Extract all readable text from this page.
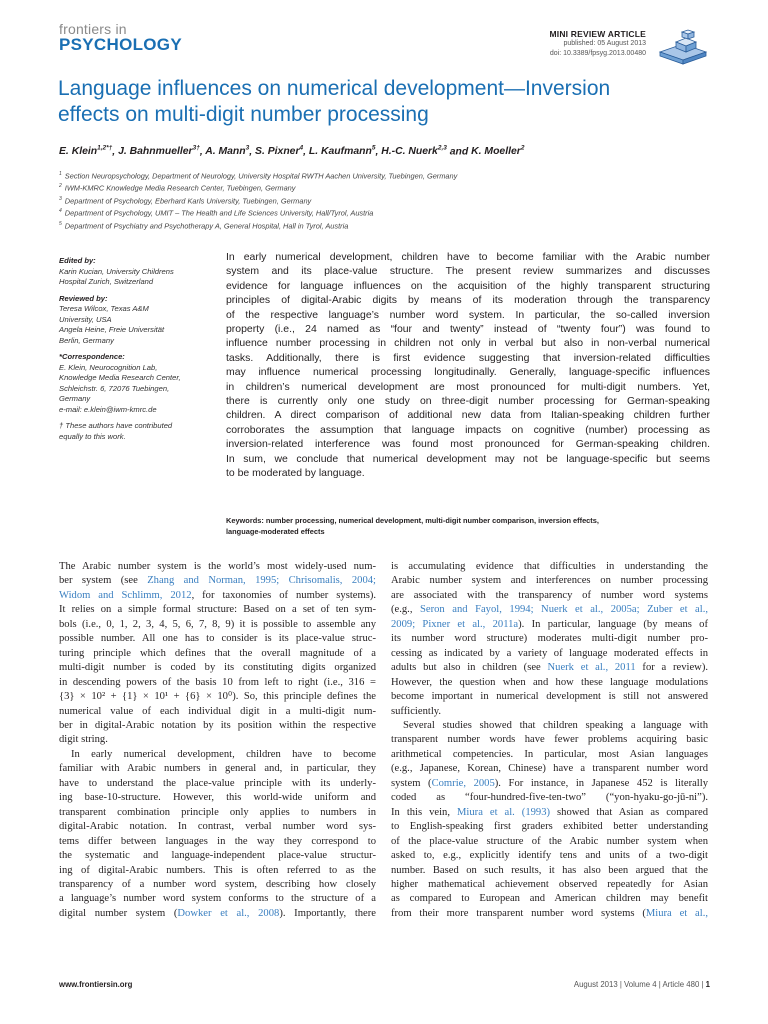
frontiers in
PSYCHOLOGY
MINI REVIEW ARTICLE
published: 05 August 2013
doi: 10.3389/fpsyg.2013.00480
Language influences on numerical development—Inversion
effects on multi-digit number processing
E. Klein$^{1,2*\dagger}$, J. Bahnmueller$^{3\dagger}$, A. Mann$^3$, S. Pixner$^4$, L. Kaufmann$^5$, H.-C. Nuerk$^{2,3}$ and K. Moeller$^2$
$^1$ Section Neuropsychology, Department of Neurology, University Hospital RWTH Aachen University, Tuebingen, Germany
$^2$ IWM-KMRC Knowledge Media Research Center, Tuebingen, Germany
$^3$ Department of Psychology, Eberhard Karls University, Tuebingen, Germany
$^4$ Department of Psychology, UMIT – The Health and Life Sciences University, Hall/Tyrol, Austria
$^5$ Department of Psychiatry and Psychotherapy A, General Hospital, Hall in Tyrol, Austria
Edited by:
Karin Kucian, University Childrens
Hospital Zurich, Switzerland
Reviewed by:
Teresa Wilcox, Texas A&M
University, USA
Angela Heine, Freie Universität
Berlin, Germany
*Correspondence:
E. Klein, Neurocognition Lab,
Knowledge Media Research Center,
Schleichstr. 6, 72076 Tuebingen,
Germany
e-mail: e.klein@iwm-kmrc.de
† These authors have contributed
equally to this work.
In early numerical development, children have to become familiar with the Arabic number
system and its place-value structure. The present review summarizes and discusses
evidence for language influences on the acquisition of the highly transparent structuring
principles of digital-Arabic digits by means of its moderation through the transparency
of the respective language’s number word system. In particular, the so-called inversion
property (i.e., 24 named as “four and twenty” instead of “twenty four”) was found to
influence number processing in children not only in verbal but also in non-verbal numerical
tasks. Additionally, there is first evidence suggesting that inversion-related difficulties
may influence numerical processing longitudinally. Generally, language-specific influences
in children’s numerical development are most pronounced for multi-digit numbers. Yet,
there is currently only one study on three-digit number processing for German-speaking
children. A direct comparison of additional new data from Italian-speaking children further
corroborates the assumption that language impacts on cognitive (number) processing as
inversion-related interference was found most pronounced for German-speaking children.
In sum, we conclude that numerical development may not be language-specific but seems
to be moderated by language.
Keywords: number processing, numerical development, multi-digit number comparison, inversion effects,
language-moderated effects
The Arabic number system is the world’s most widely-used num-
ber system (see Zhang and Norman, 1995; Chrisomalis, 2004;
Widom and Schlimm, 2012, for taxonomies of number systems).
It relies on a simple formal structure: Based on a set of ten sym-
bols (i.e., 0, 1, 2, 3, 4, 5, 6, 7, 8, 9) it is possible to assemble any
possible number. All one has to consider is its place-value struc-
turing principle which defines that the overall magnitude of a
multi-digit number is coded by its constituting digits organized
in descending powers of the basis 10 from left to right (i.e., 316 =
{3} × 10² + {1} × 10¹ + {6} × 10⁰). So, this principle defines the
numerical value of each individual digit in a multi-digit num-
ber in digital-Arabic notation by its position within the respective
digit string.
In early numerical development, children have to become
familiar with Arabic numbers in general and, in particular, they
have to understand the place-value principle with its underly-
ing base-10-structure. However, this world-wide uniform and
transparent combination principle only applies to numbers in
digital-Arabic notation. In contrast, verbal number word sys-
tems differ between languages in the way they correspond to
the systematic and language-independent place-value structur-
ing of digital-Arabic numbers. This is often referred to as the
transparency of a number word system, describing how closely
a language’s number word system conforms to the structure of a
digital number system (Dowker et al., 2008). Importantly, there
is accumulating evidence that difficulties in understanding the
Arabic number system and interferences on number processing
are associated with the transparency of number word systems
(e.g., Seron and Fayol, 1994; Nuerk et al., 2005a; Zuber et al.,
2009; Pixner et al., 2011a). In particular, language (by means of
its number word structure) moderates multi-digit number pro-
cessing as indicated by a variety of language moderated effects in
adults but also in children (see Nuerk et al., 2011 for a review).
However, the question when and how these language modulations
become important in numerical development is still not answered
sufficiently.
Several studies showed that children speaking a language with
transparent number words have fewer problems acquiring basic
arithmetical competencies. In particular, most Asian languages
(e.g., Japanese, Korean, Chinese) have a transparent number word
system (Comrie, 2005). For instance, in Japanese 452 is literally
coded as “four-hundred-five-ten-two” (“yon-hyaku-go-jū-ni”).
In this vein, Miura et al. (1993) showed that Asian as compared
to English-speaking first graders exhibited better understanding
of the place-value structure of the Arabic number system when
asked to, e.g., explicitly identify tens and units of a two-digit
number. Based on such results, it has also been argued that the
higher mathematical achievement observed repeatedly for Asian
as compared to European and American children may benefit
from their more transparent number word systems (Miura et al.,
www.frontiersin.org	August 2013 | Volume 4 | Article 480 | 1
